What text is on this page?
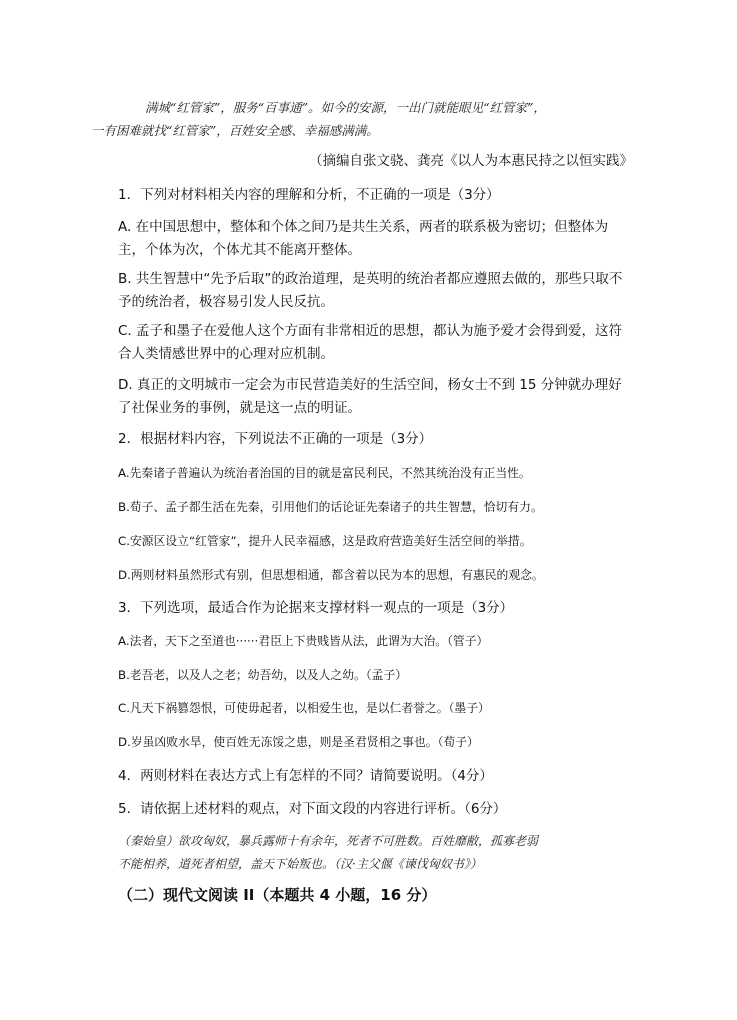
满城“红管家”，服务“百事通”。如今的安源，一出门就能眼见“红管家”，
一有困难就找“红管家”，百姓安全感、幸福感满满。
（摘编自张文骁、龚亮《以人为本惠民持之以恒实践》
1．下列对材料相关内容的理解和分析，不正确的一项是（3分）
A. 在中国思想中，整体和个体之间乃是共生关系，两者的联系极为密切；但整体为主，个体为次，个体尤其不能离开整体。
B. 共生智慧中“先予后取”的政治道理，是英明的统治者都应遵照去做的，那些只取不予的统治者，极容易引发人民反抗。
C. 孟子和墨子在爱他人这个方面有非常相近的思想，都认为施予爱才会得到爱，这符合人类情感世界中的心理对应机制。
D. 真正的文明城市一定会为市民营造美好的生活空间，杨女士不到 15 分钟就办理好了社保业务的事例，就是这一点的明证。
2．根据材料内容，下列说法不正确的一项是（3分）
A.先秦诸子普遍认为统治者治国的目的就是富民利民，不然其统治没有正当性。
B.荀子、孟子都生活在先秦，引用他们的话论证先秦诸子的共生智慧，恰切有力。
C.安源区设立“红管家”，提升人民幸福感，这是政府营造美好生活空间的举措。
D.两则材料虽然形式有别，但思想相通，都含着以民为本的思想，有惠民的观念。
3．下列选项，最适合作为论据来支撑材料一观点的一项是（3分）
A.法者，天下之至道也······君臣上下贵贱皆从法，此谓为大治。（管子）
B.老吾老，以及人之老；幼吾幼，以及人之幼。（孟子）
C.凡天下祸篡怨恨，可使毋起者，以相爱生也，是以仁者誉之。（墨子）
D.岁虽凶败水旱，使百姓无冻馁之患，则是圣君贤相之事也。（荀子）
4．两则材料在表达方式上有怎样的不同？请简要说明。（4分）
5．请依据上述材料的观点，对下面文段的内容进行评析。（6分）
（秦始皇）欲攻匈奴，暴兵露师十有余年，死者不可胜数。百姓靡敝，孤寡老弱
不能相养，道死者相望，盖天下始叛也。（汉·主父偃《谏伐匈奴书》）
（二）现代文阅读 II（本题共 4 小题，16 分）
